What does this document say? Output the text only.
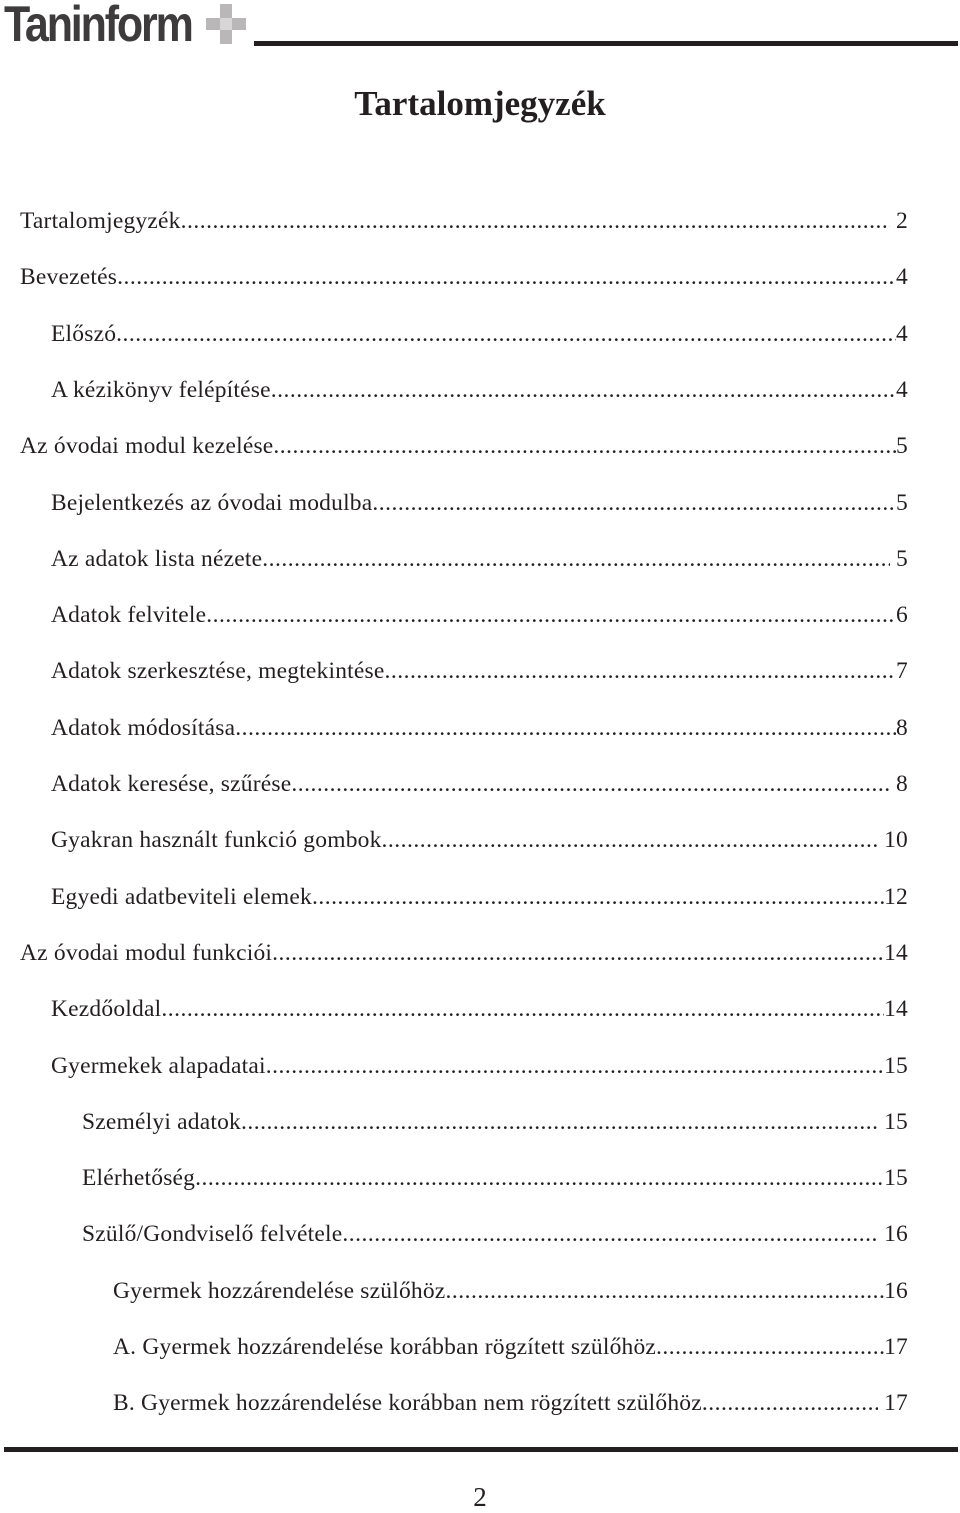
Taninform
Tartalomjegyzék
Tartalomjegyzék .....	2
Bevezetés .....	4
Előszó .....	4
A kézikönyv felépítése .....	4
Az óvodai modul kezelése .....	5
Bejelentkezés az óvodai modulba .....	5
Az adatok lista nézete .....	5
Adatok felvitele .....	6
Adatok szerkesztése, megtekintése .....	7
Adatok módosítása .....	8
Adatok keresése, szűrése .....	8
Gyakran használt funkció gombok .....	10
Egyedi adatbeviteli elemek .....	12
Az óvodai modul funkciói .....	14
Kezdőoldal .....	14
Gyermekek alapadatai .....	15
Személyi adatok .....	15
Elérhetőség .....	15
Szülő/Gondviselő felvétele .....	16
Gyermek hozzárendelése szülőhöz .....	16
A. Gyermek hozzárendelése korábban rögzített szülőhöz .....	17
B. Gyermek hozzárendelése korábban nem rögzített szülőhöz .....	17
2
